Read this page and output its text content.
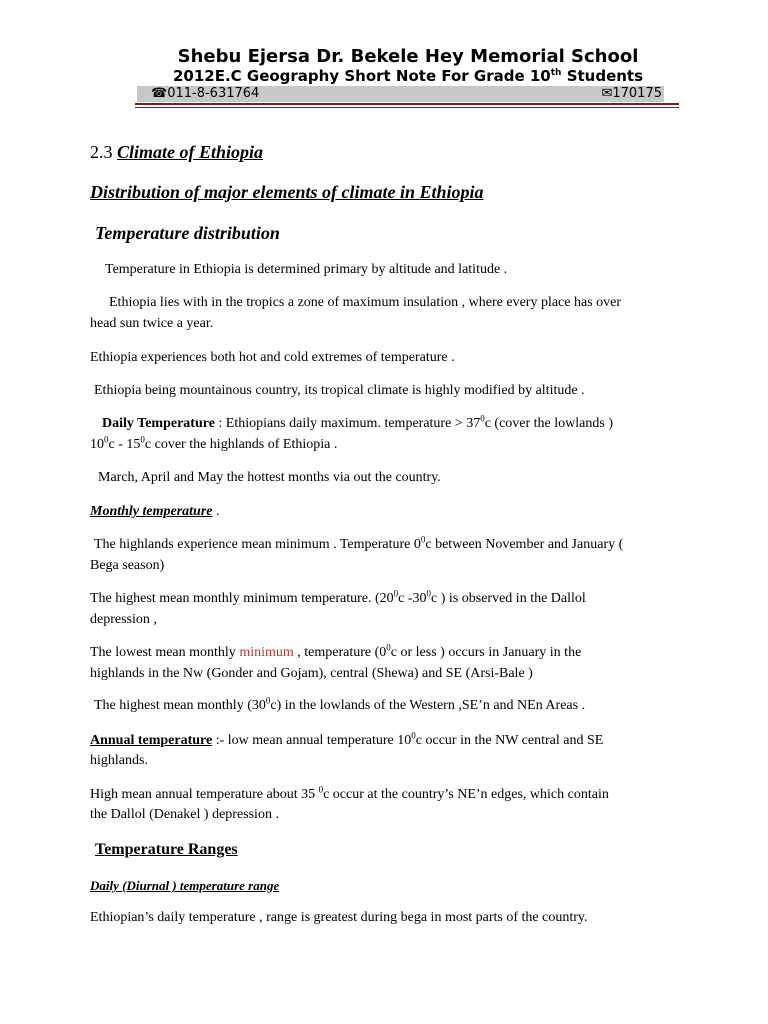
Shebu Ejersa Dr. Bekele Hey Memorial School
2012E.C Geography Short Note For Grade 10th Students
☎011-8-631764	✉170175
2.3 Climate of Ethiopia
Distribution of major elements of climate in Ethiopia
Temperature distribution
Temperature in Ethiopia is determined primary by altitude and latitude .
Ethiopia lies with in the tropics a zone of maximum insulation , where every place has over
head sun twice a year.
Ethiopia experiences both hot and cold extremes of temperature .
Ethiopia being mountainous country, its tropical climate is highly modified by altitude .
Daily Temperature : Ethiopians daily maximum. temperature > $37^0c$ (cover the lowlands )
$10^0c - 15^0c$ cover the highlands of Ethiopia .
March, April and May the hottest months via out the country.
Monthly temperature .
The highlands experience mean minimum . Temperature $0^0c$ between November and January (
Bega season)
The highest mean monthly minimum temperature. ($20^0c$ $-30^0c$ ) is observed in the Dallol
depression ,
The lowest mean monthly minimum , temperature ($0^0c$ or less ) occurs in January in the
highlands in the Nw (Gonder and Gojam), central (Shewa) and SE (Arsi-Bale )
The highest mean monthly $(30^0c)$ in the lowlands of the Western ,SE’n and NEn Areas .
Annual temperature :- low mean annual temperature $10^0c$ occur in the NW central and SE
highlands.
High mean annual temperature about 35 $^0$c occur at the country’s NE’n edges, which contain
the Dallol (Denakel ) depression .
Temperature Ranges
Daily (Diurnal ) temperature range
Ethiopian’s daily temperature , range is greatest during bega in most parts of the country.
